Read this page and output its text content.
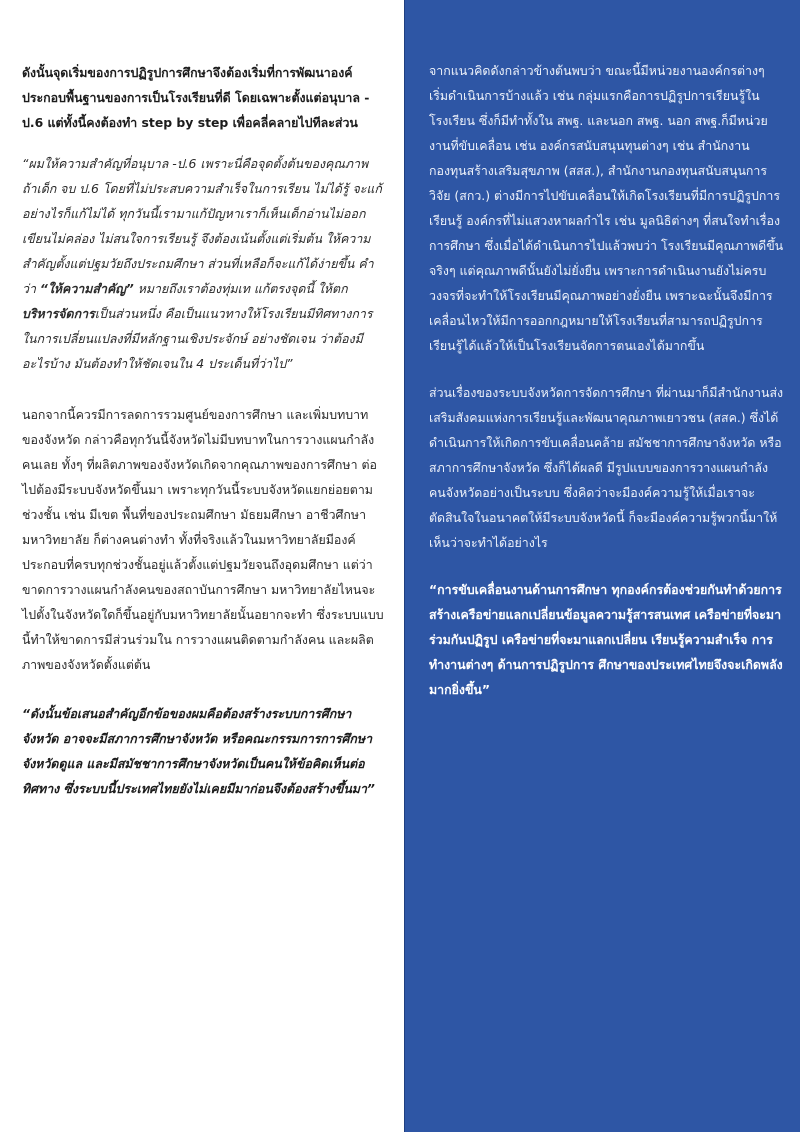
ดังนั้นจุดเริ่มของการปฏิรูปการศึกษาจึงต้องเริ่มที่การพัฒนาองค์ประกอบพื้นฐานของการเป็นโรงเรียนที่ดี โดยเฉพาะตั้งแต่อนุบาล - ป.6 แต่ทั้งนี้คงต้องทำ step by step เพื่อคลี่คลายไปทีละส่วน

“ผมให้ความสำคัญที่อนุบาล -ป.6 เพราะนี่คือจุดตั้งต้นของคุณภาพ ถ้าเด็ก จบ ป.6 โดยที่ไม่ประสบความสำเร็จในการเรียน ไม่ได้รู้ จะแก้อย่างไรก็แก้ไม่ได้ ทุกวันนี้เรามาแก้ปัญหาเราก็เห็นเด็กอ่านไม่ออกเขียนไม่คล่อง ไม่สนใจการเรียนรู้ จึงต้องเน้นตั้งแต่เริ่มต้น ให้ความสำคัญตั้งแต่ปฐมวัยถึงประถมศึกษา ส่วนที่เหลือก็จะแก้ได้ง่ายขึ้น คำว่า “ให้ความสำคัญ” หมายถึงเราต้องทุ่มเท แก้ตรงจุดนี้ ให้ตก บริหารจัดการเป็นส่วนหนึ่ง คือเป็นแนวทางให้โรงเรียนมีทิศทางการในการเปลี่ยนแปลงที่มีหลักฐานเชิงประจักษ์ อย่างชัดเจน ว่าต้องมีอะไรบ้าง มันต้องทำให้ชัดเจนใน 4 ประเด็นที่ว่าไป”

นอกจากนี้ควรมีการลดการรวมศูนย์ของการศึกษา และเพิ่มบทบาทของจังหวัด กล่าวคือทุกวันนี้จังหวัดไม่มีบทบาทในการวางแผนกำลังคนเลย ทั้งๆ ที่ผลิตภาพของจังหวัดเกิดจากคุณภาพของการศึกษา ต่อไปต้องมีระบบจังหวัดขึ้นมา เพราะทุกวันนี้ระบบจังหวัดแยกย่อยตามช่วงชั้น เช่น มีเขต พื้นที่ของประถมศึกษา มัธยมศึกษา อาชีวศึกษา มหาวิทยาลัย ก็ต่างคนต่างทำ ทั้งที่จริงแล้วในมหาวิทยาลัยมีองค์ประกอบที่ครบทุกช่วงชั้นอยู่แล้วตั้งแต่ปฐมวัยจนถึงอุดมศึกษา แต่ว่าขาดการวางแผนกำลังคนของสถาบันการศึกษา มหาวิทยาลัยไหนจะไปตั้งในจังหวัดใดก็ขึ้นอยู่กับมหาวิทยาลัยนั้นอยากจะทำ ซึ่งระบบแบบนี้ทำให้ขาดการมีส่วนร่วมใน การวางแผนติดตามกำลังคน และผลิตภาพของจังหวัดตั้งแต่ต้น

“ดังนั้นข้อเสนอสำคัญอีกข้อของผมคือต้องสร้างระบบการศึกษาจังหวัด อาจจะมีสภาการศึกษาจังหวัด หรือคณะกรรมการการศึกษาจังหวัดดูแล และมีสมัชชาการศึกษาจังหวัดเป็นคนให้ข้อคิดเห็นต่อทิศทาง ซึ่งระบบนี้ประเทศไทยยังไม่เคยมีมาก่อนจึงต้องสร้างขึ้นมา”

จากแนวคิดดังกล่าวข้างต้นพบว่า ขณะนี้มีหน่วยงานองค์กรต่างๆ เริ่มดำเนินการบ้างแล้ว เช่น กลุ่มแรกคือการปฏิรูปการเรียนรู้ในโรงเรียน ซึ่งก็มีทำทั้งใน สพฐ. และนอก สพฐ. นอก สพฐ.ก็มีหน่วยงานที่ขับเคลื่อน เช่น องค์กรสนับสนุนทุนต่างๆ เช่น สำนักงานกองทุนสร้างเสริมสุขภาพ (สสส.), สำนักงานกองทุนสนับสนุนการวิจัย (สกว.) ต่างมีการไปขับเคลื่อนให้เกิดโรงเรียนที่มีการปฏิรูปการเรียนรู้ องค์กรที่ไม่แสวงหาผลกำไร เช่น มูลนิธิต่างๆ ที่สนใจทำเรื่องการศึกษา ซึ่งเมื่อได้ดำเนินการไปแล้วพบว่า โรงเรียนมีคุณภาพดีขึ้นจริงๆ แต่คุณภาพดีนั้นยังไม่ยั่งยืน เพราะการดำเนินงานยังไม่ครบวงจรที่จะทำให้โรงเรียนมีคุณภาพอย่างยั่งยืน เพราะฉะนั้นจึงมีการเคลื่อนไหวให้มีการออกกฎหมายให้โรงเรียนที่สามารถปฏิรูปการเรียนรู้ได้แล้วให้เป็นโรงเรียนจัดการตนเองได้มากขึ้น

ส่วนเรื่องของระบบจังหวัดการจัดการศึกษา ที่ผ่านมาก็มีสำนักงานส่งเสริมสังคมแห่งการเรียนรู้และพัฒนาคุณภาพเยาวชน (สสค.) ซึ่งได้ดำเนินการให้เกิดการขับเคลื่อนคล้าย สมัชชาการศึกษาจังหวัด หรือสภาการศึกษาจังหวัด ซึ่งก็ได้ผลดี มีรูปแบบของการวางแผนกำลังคนจังหวัดอย่างเป็นระบบ ซึ่งคิดว่าจะมีองค์ความรู้ให้เมื่อเราจะตัดสินใจในอนาคตให้มีระบบจังหวัดนี้ ก็จะมีองค์ความรู้พวกนี้มาให้เห็นว่าจะทำได้อย่างไร

“การขับเคลื่อนงานด้านการศึกษา ทุกองค์กรต้องช่วยกันทำด้วยการ สร้างเครือข่ายแลกเปลี่ยนข้อมูลความรู้สารสนเทศ เครือข่ายที่จะมาร่วมกันปฏิรูป เครือข่ายที่จะมาแลกเปลี่ยน เรียนรู้ความสำเร็จ การทำงานต่างๆ ด้านการปฏิรูปการ ศึกษาของประเทศไทยจึงจะเกิดพลังมากยิ่งขึ้น”
